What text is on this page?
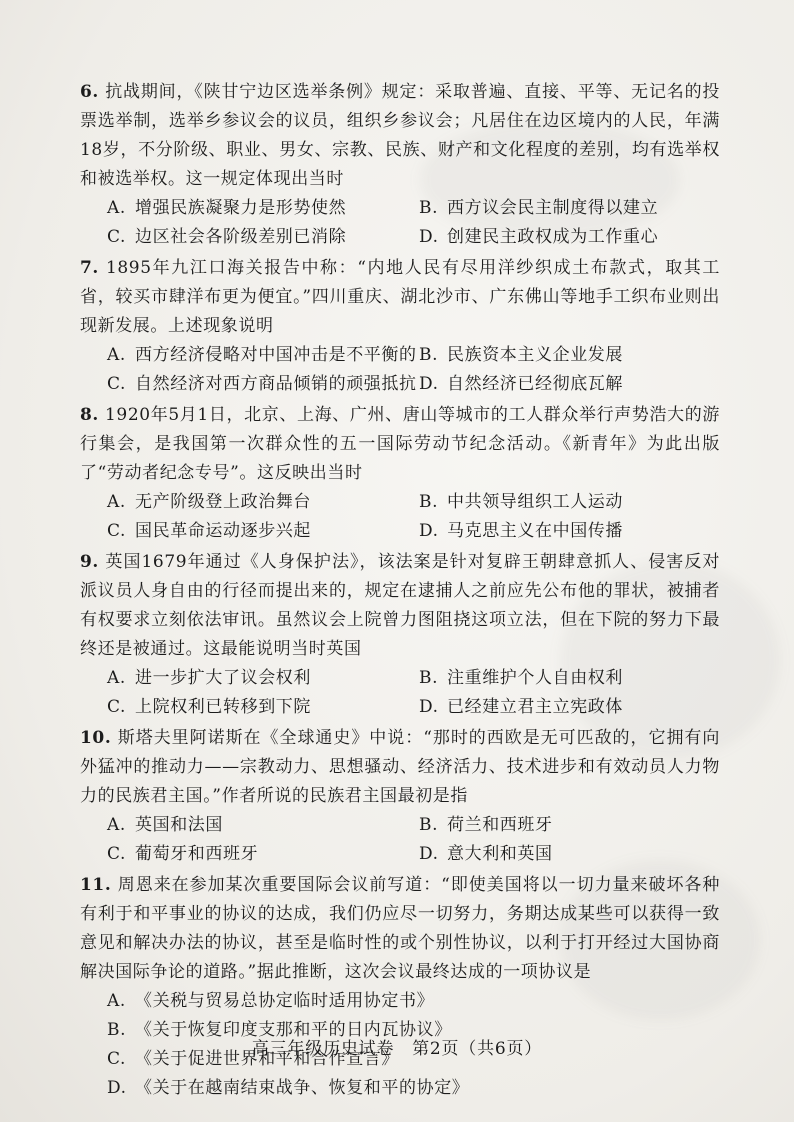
6. 抗战期间，《陕甘宁边区选举条例》规定：采取普遍、直接、平等、无记名的投票选举制，选举乡参议会的议员，组织乡参议会；凡居住在边区境内的人民，年满18岁，不分阶级、职业、男女、宗教、民族、财产和文化程度的差别，均有选举权和被选举权。这一规定体现出当时

A. 增强民族凝聚力是形势使然	B. 西方议会民主制度得以建立
C. 边区社会各阶级差别已消除	D. 创建民主政权成为工作重心

7. 1895年九江口海关报告中称：“内地人民有尽用洋纱织成土布款式，取其工省，较买市肆洋布更为便宜。”四川重庆、湖北沙市、广东佛山等地手工织布业则出现新发展。上述现象说明

A. 西方经济侵略对中国冲击是不平衡的 B. 民族资本主义企业发展
C. 自然经济对西方商品倾销的顽强抵抗 D. 自然经济已经彻底瓦解

8. 1920年5月1日，北京、上海、广州、唐山等城市的工人群众举行声势浩大的游行集会，是我国第一次群众性的五一国际劳动节纪念活动。《新青年》为此出版了“劳动者纪念专号”。这反映出当时

A. 无产阶级登上政治舞台	B. 中共领导组织工人运动
C. 国民革命运动逐步兴起	D. 马克思主义在中国传播

9. 英国1679年通过《人身保护法》，该法案是针对复辟王朝肆意抓人、侵害反对派议员人身自由的行径而提出来的，规定在逮捕人之前应先公布他的罪状，被捕者有权要求立刻依法审讯。虽然议会上院曾力图阻挠这项立法，但在下院的努力下最终还是被通过。这最能说明当时英国

A. 进一步扩大了议会权利	B. 注重维护个人自由权利
C. 上院权利已转移到下院	D. 已经建立君主立宪政体

10. 斯塔夫里阿诺斯在《全球通史》中说：“那时的西欧是无可匹敌的，它拥有向外猛冲的推动力——宗教动力、思想骚动、经济活力、技术进步和有效动员人力物力的民族君主国。”作者所说的民族君主国最初是指

A. 英国和法国	B. 荷兰和西班牙
C. 葡萄牙和西班牙	D. 意大利和英国

11. 周恩来在参加某次重要国际会议前写道：“即使美国将以一切力量来破坏各种有利于和平事业的协议的达成，我们仍应尽一切努力，务期达成某些可以获得一致意见和解决办法的协议，甚至是临时性的或个别性协议，以利于打开经过大国协商解决国际争论的道路。”据此推断，这次会议最终达成的一项协议是

A. 《关税与贸易总协定临时适用协定书》
B. 《关于恢复印度支那和平的日内瓦协议》
C. 《关于促进世界和平和合作宣言》
D. 《关于在越南结束战争、恢复和平的协定》
高三年级历史试卷　第2页（共6页）
